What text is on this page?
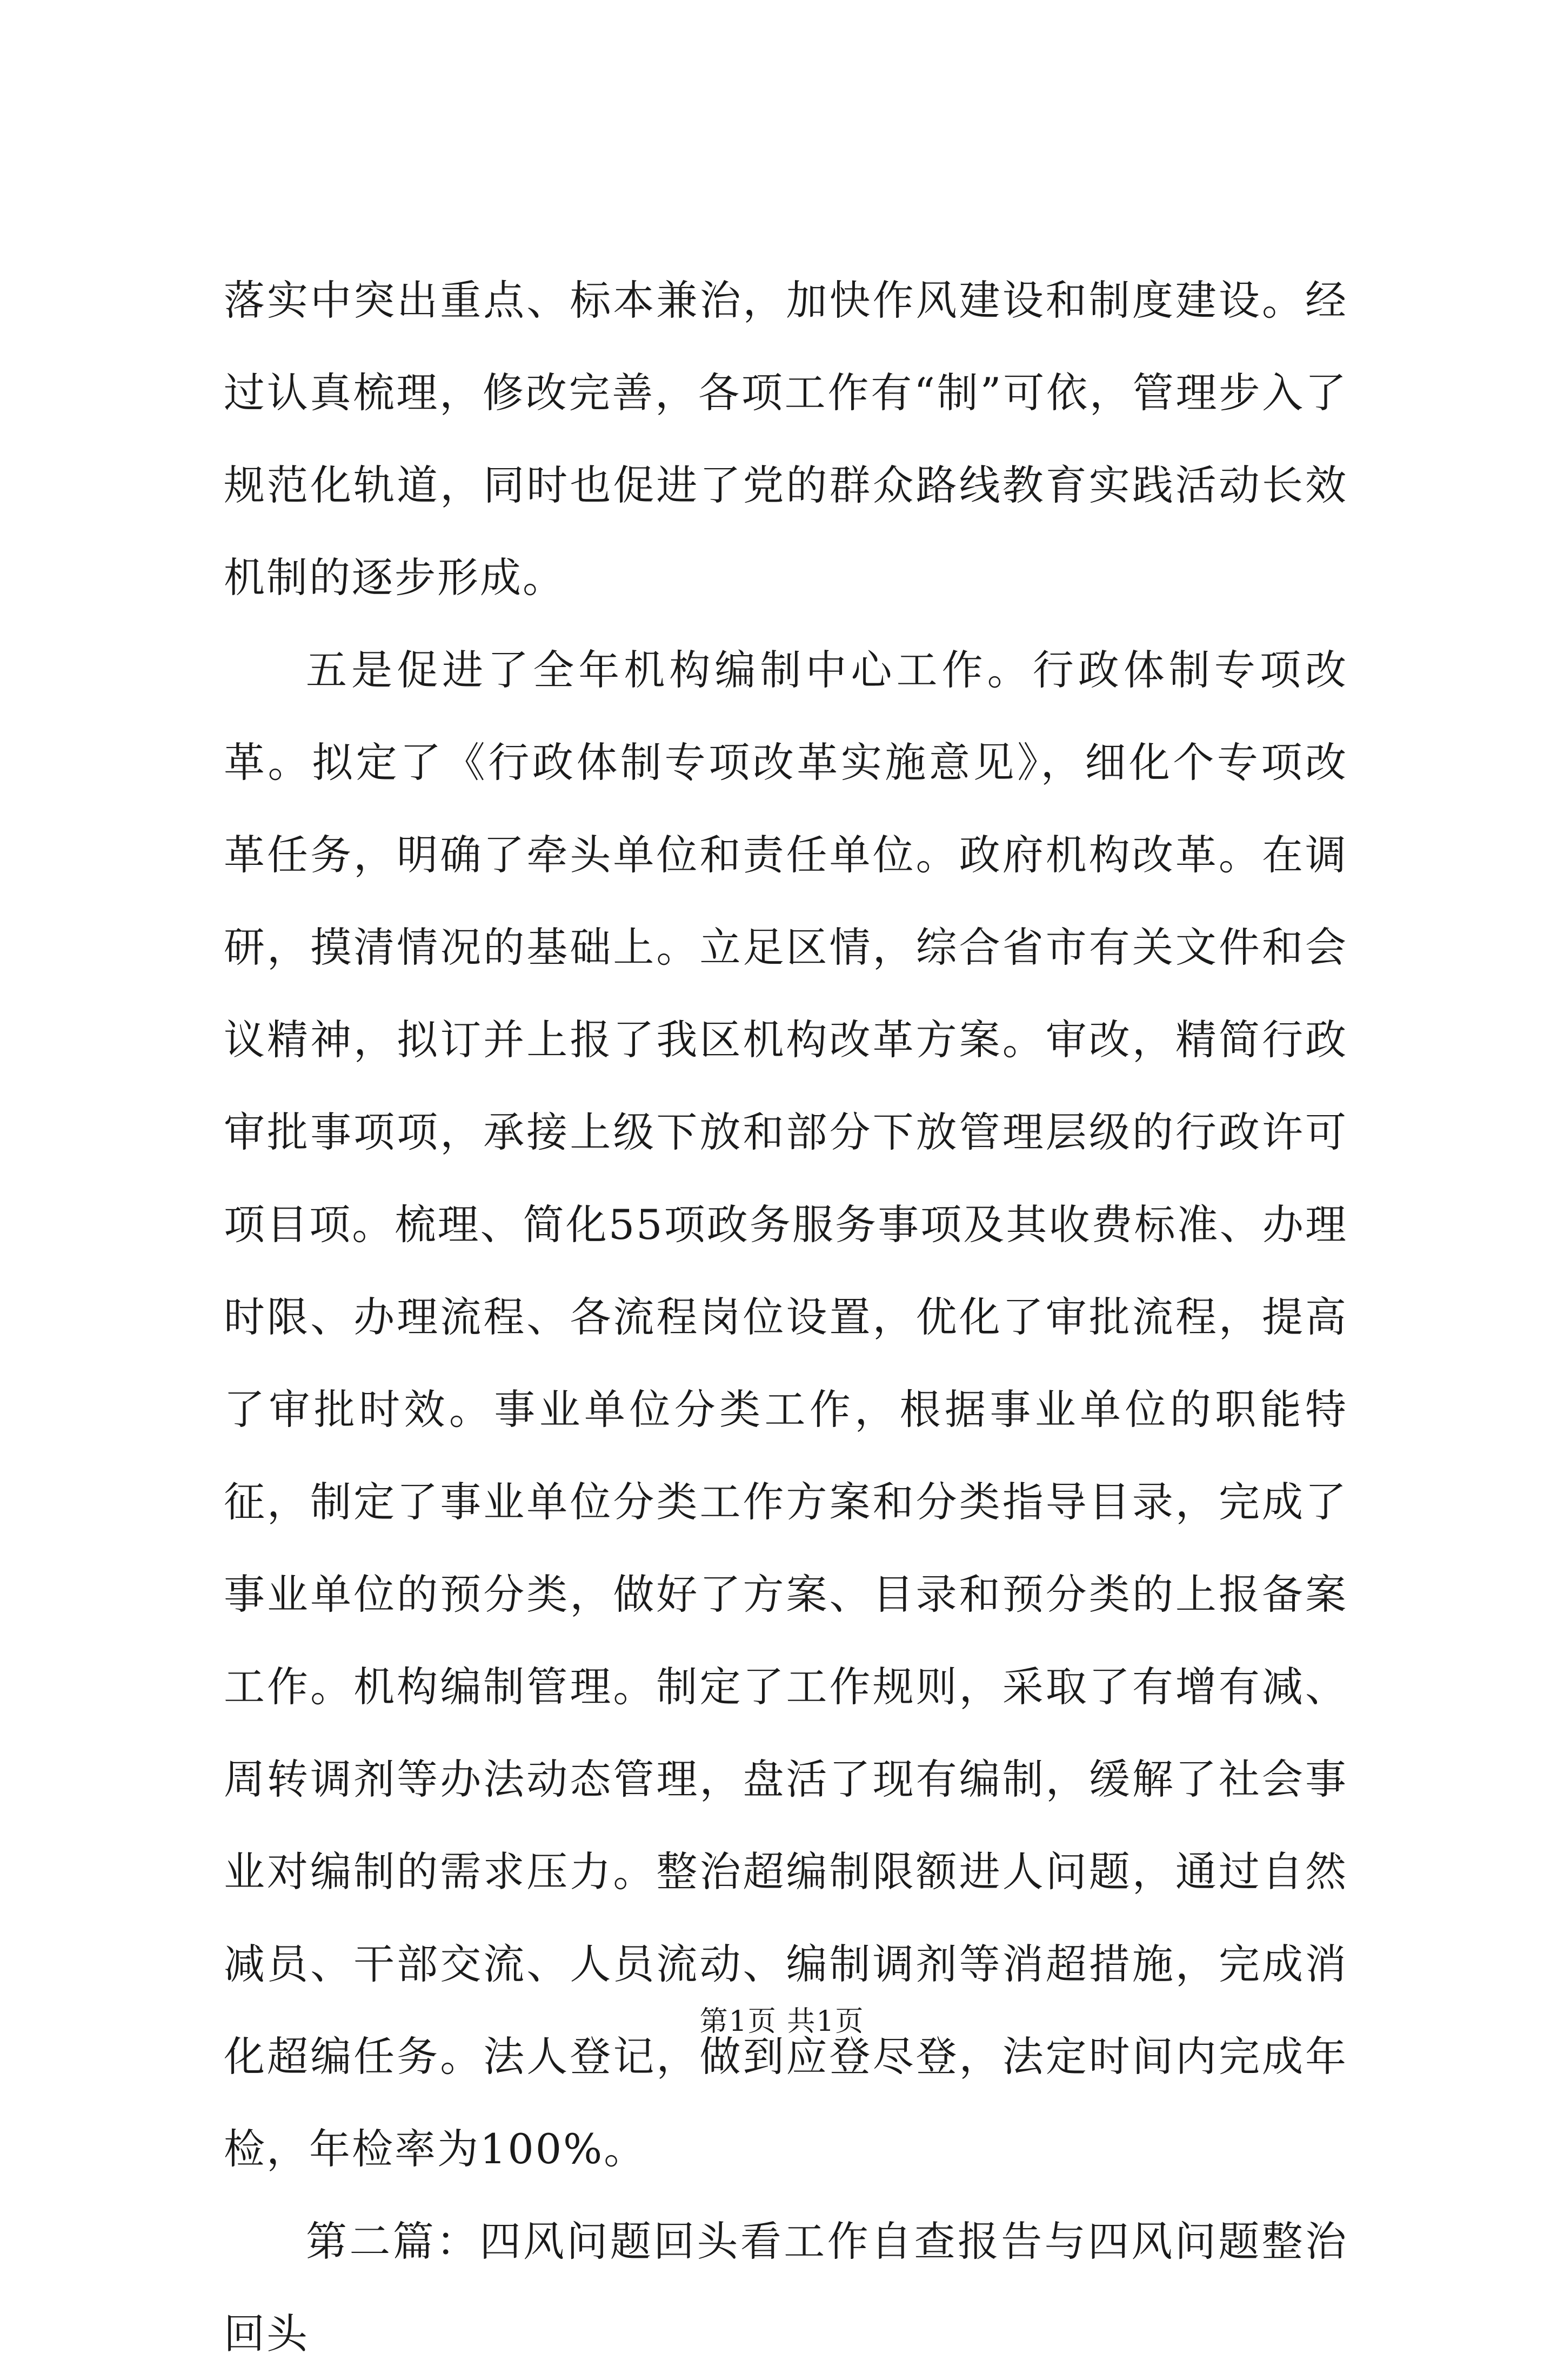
落实中突出重点、标本兼治，加快作风建设和制度建设。经过认真梳理，修改完善，各项工作有“制”可依，管理步入了规范化轨道，同时也促进了党的群众路线教育实践活动长效机制的逐步形成。

五是促进了全年机构编制中心工作。行政体制专项改革。拟定了《行政体制专项改革实施意见》，细化个专项改革任务，明确了牵头单位和责任单位。政府机构改革。在调研，摸清情况的基础上。立足区情，综合省市有关文件和会议精神，拟订并上报了我区机构改革方案。审改，精简行政审批事项项，承接上级下放和部分下放管理层级的行政许可项目项。梳理、简化55项政务服务事项及其收费标准、办理时限、办理流程、各流程岗位设置，优化了审批流程，提高了审批时效。事业单位分类工作，根据事业单位的职能特征，制定了事业单位分类工作方案和分类指导目录，完成了事业单位的预分类，做好了方案、目录和预分类的上报备案工作。机构编制管理。制定了工作规则，采取了有增有减、周转调剂等办法动态管理，盘活了现有编制，缓解了社会事业对编制的需求压力。整治超编制限额进人问题，通过自然减员、干部交流、人员流动、编制调剂等消超措施，完成消化超编任务。法人登记，做到应登尽登，法定时间内完成年检，年检率为100%。

第二篇：四风问题回头看工作自查报告与四风问题整治回头

第1页 共1页
